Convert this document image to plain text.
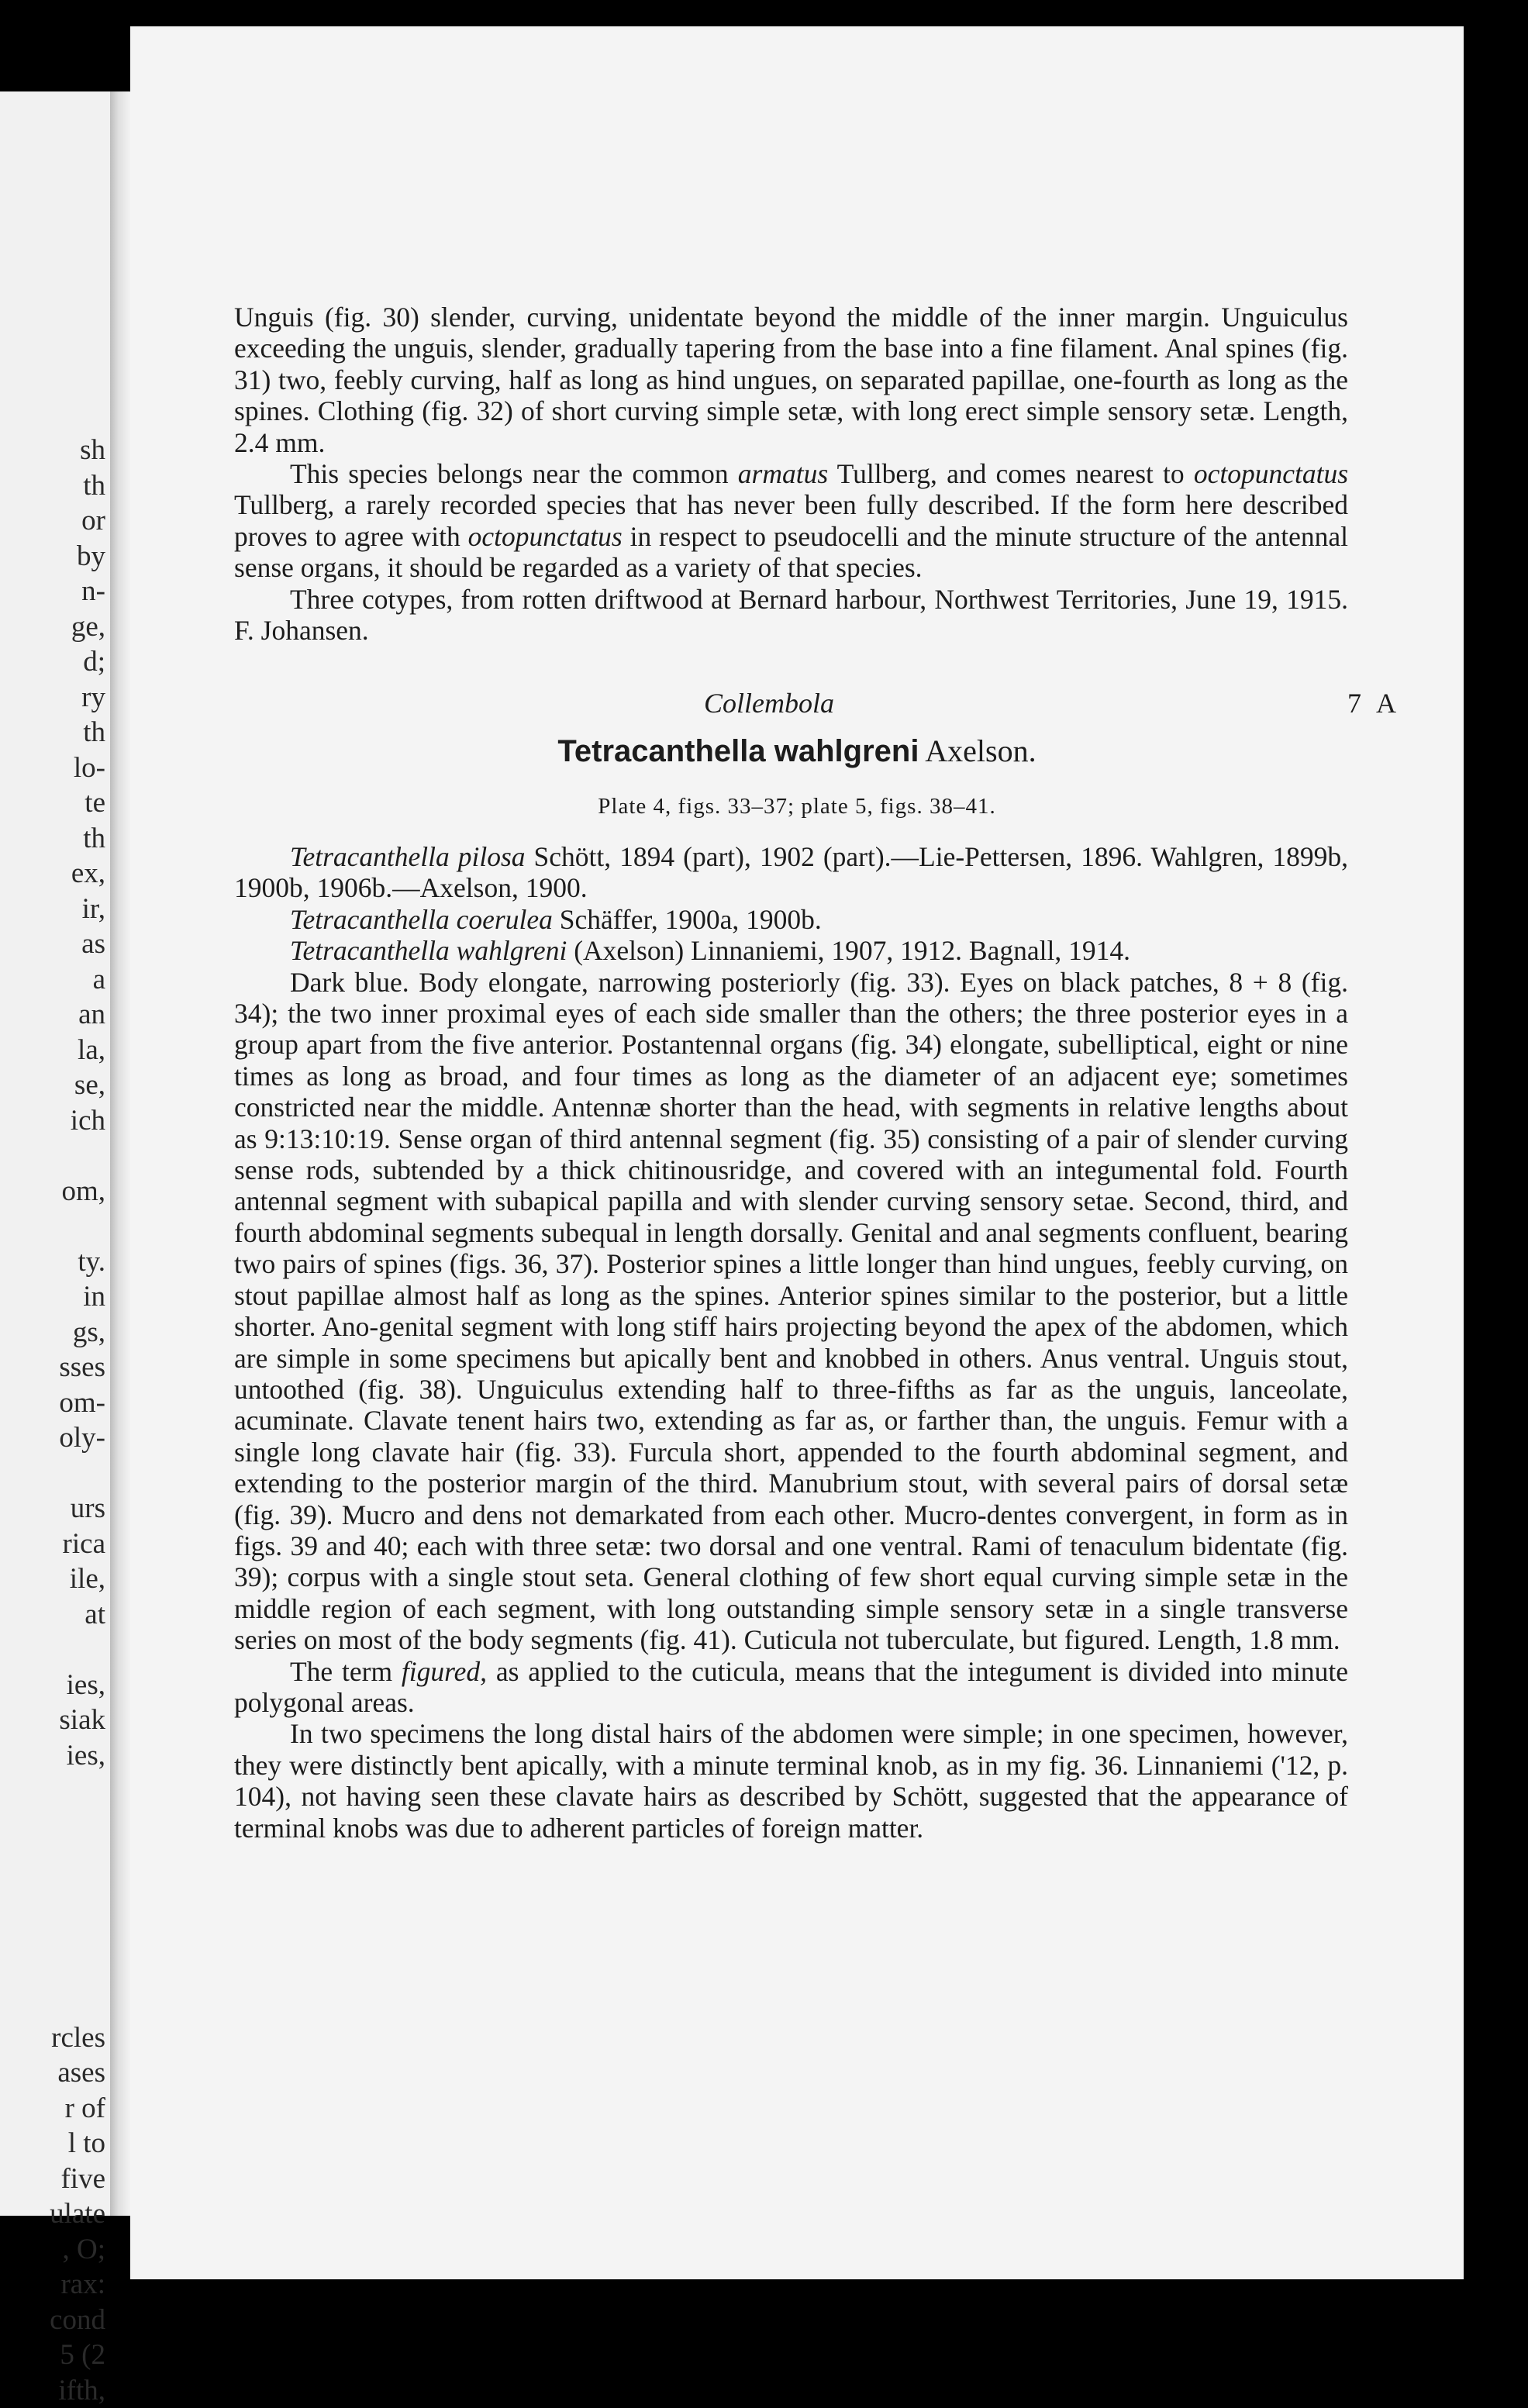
sh
th
or
by
n-
ge,
d;
ry
th
lo-
te
th
ex,
ir,
as
a
an
la,
se,
ich
om,
ty.
in
gs,
sses
om-
oly-
urs
rica
ile,
at
ies,
siak
ies,
rcles
ases
r of
l to
five
ulate
, O;
rax:
cond
5 (2
ifth,
Collembola	7 A

Unguis (fig. 30) slender, curving, unidentate beyond the middle of the inner margin. Unguiculus exceeding the unguis, slender, gradually tapering from the base into a fine filament. Anal spines (fig. 31) two, feebly curving, half as long as hind ungues, on separated papillae, one-fourth as long as the spines. Clothing (fig. 32) of short curving simple setæ, with long erect simple sensory setæ. Length, 2.4 mm.

This species belongs near the common armatus Tullberg, and comes nearest to octopunctatus Tullberg, a rarely recorded species that has never been fully described. If the form here described proves to agree with octopunctatus in respect to pseudocelli and the minute structure of the antennal sense organs, it should be regarded as a variety of that species.

Three cotypes, from rotten driftwood at Bernard harbour, Northwest Territories, June 19, 1915. F. Johansen.

Tetracanthella wahlgreni Axelson.
Plate 4, figs. 33–37; plate 5, figs. 38–41.

Tetracanthella pilosa Schött, 1894 (part), 1902 (part).—Lie-Pettersen, 1896. Wahlgren, 1899b, 1900b, 1906b.—Axelson, 1900.

Tetracanthella coerulea Schäffer, 1900a, 1900b.

Tetracanthella wahlgreni (Axelson) Linnaniemi, 1907, 1912. Bagnall, 1914.

Dark blue. Body elongate, narrowing posteriorly (fig. 33). Eyes on black patches, 8 + 8 (fig. 34); the two inner proximal eyes of each side smaller than the others; the three posterior eyes in a group apart from the five anterior. Postantennal organs (fig. 34) elongate, subelliptical, eight or nine times as long as broad, and four times as long as the diameter of an adjacent eye; sometimes constricted near the middle. Antennæ shorter than the head, with segments in relative lengths about as 9:13:10:19. Sense organ of third antennal segment (fig. 35) consisting of a pair of slender curving sense rods, subtended by a thick chitinousridge, and covered with an integumental fold. Fourth antennal segment with subapical papilla and with slender curving sensory setae. Second, third, and fourth abdominal segments subequal in length dorsally. Genital and anal segments confluent, bearing two pairs of spines (figs. 36, 37). Posterior spines a little longer than hind ungues, feebly curving, on stout papillae almost half as long as the spines. Anterior spines similar to the posterior, but a little shorter. Ano-genital segment with long stiff hairs projecting beyond the apex of the abdomen, which are simple in some specimens but apically bent and knobbed in others. Anus ventral. Unguis stout, untoothed (fig. 38). Unguiculus extending half to three-fifths as far as the unguis, lanceolate, acuminate. Clavate tenent hairs two, extending as far as, or farther than, the unguis. Femur with a single long clavate hair (fig. 33). Furcula short, appended to the fourth abdominal segment, and extending to the posterior margin of the third. Manubrium stout, with several pairs of dorsal setæ (fig. 39). Mucro and dens not demarkated from each other. Mucro-dentes convergent, in form as in figs. 39 and 40; each with three setæ: two dorsal and one ventral. Rami of tenaculum bidentate (fig. 39); corpus with a single stout seta. General clothing of few short equal curving simple setæ in the middle region of each segment, with long outstanding simple sensory setæ in a single transverse series on most of the body segments (fig. 41). Cuticula not tuberculate, but figured. Length, 1.8 mm.

The term figured, as applied to the cuticula, means that the integument is divided into minute polygonal areas.

In two specimens the long distal hairs of the abdomen were simple; in one specimen, however, they were distinctly bent apically, with a minute terminal knob, as in my fig. 36. Linnaniemi ('12, p. 104), not having seen these clavate hairs as described by Schött, suggested that the appearance of terminal knobs was due to adherent particles of foreign matter.
